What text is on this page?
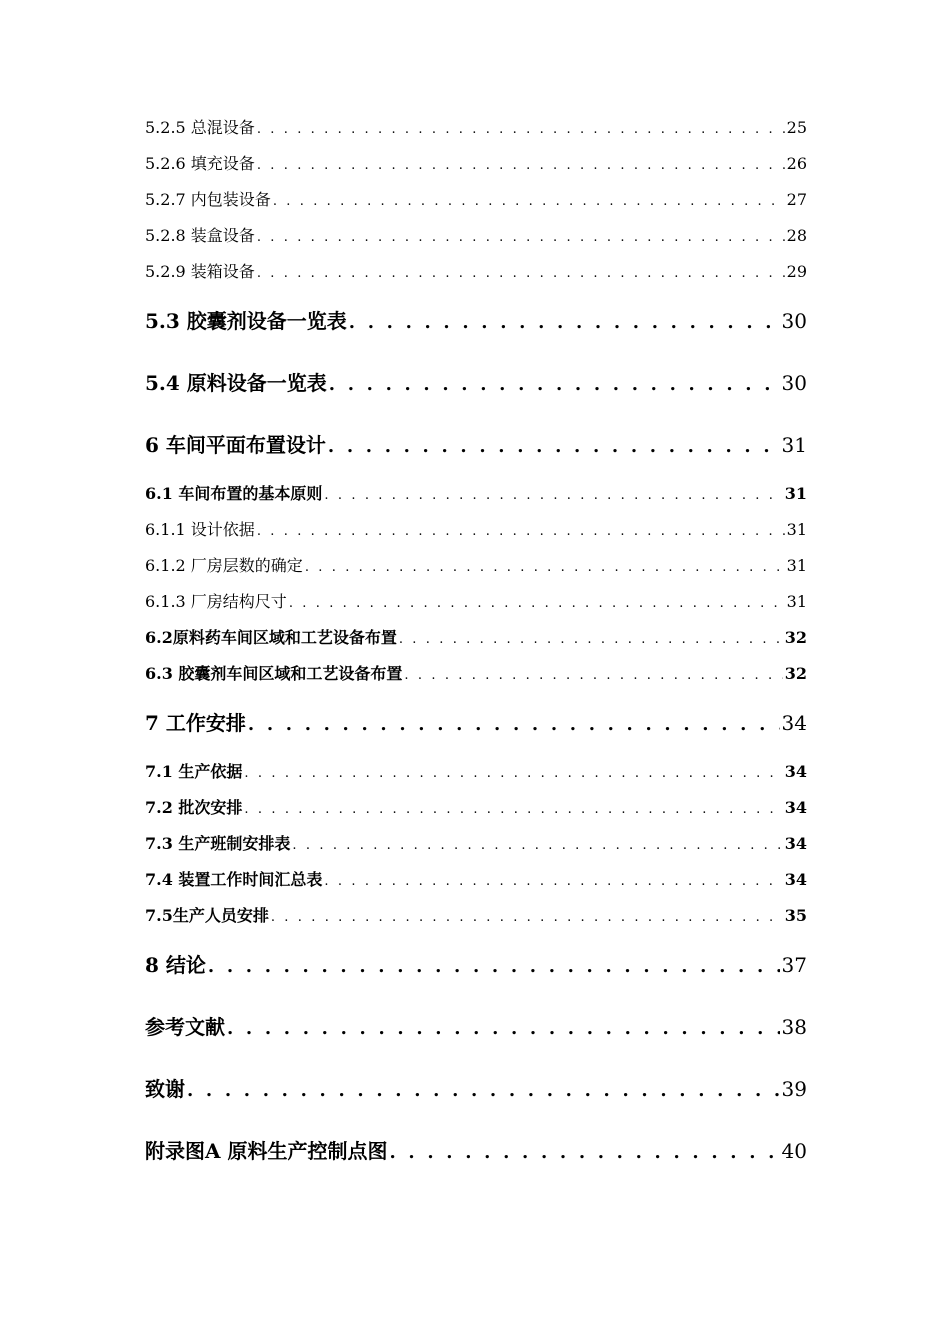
5.2.5 总混设备 . . .	25
5.2.6 填充设备 . . .	26
5.2.7 内包装设备 . . .	27
5.2.8 装盒设备 . . .	28
5.2.9 装箱设备 . . .	29
5.3 胶囊剂设备一览表 . . .	30
5.4 原料设备一览表 . . .	30
6 车间平面布置设计 . . .	31
6.1 车间布置的基本原则 . . .	31
6.1.1 设计依据 . . .	31
6.1.2 厂房层数的确定 . . .	31
6.1.3 厂房结构尺寸 . . .	31
6.2原料药车间区域和工艺设备布置 . . .	32
6.3 胶囊剂车间区域和工艺设备布置 . . .	32
7 工作安排 . . .	34
7.1 生产依据 . . .	34
7.2 批次安排 . . .	34
7.3 生产班制安排表 . . .	34
7.4 装置工作时间汇总表 . . .	34
7.5生产人员安排 . . .	35
8 结论 . . .	37
参考文献 . . .	38
致谢 . . .	39
附录图A 原料生产控制点图 . . .	40
